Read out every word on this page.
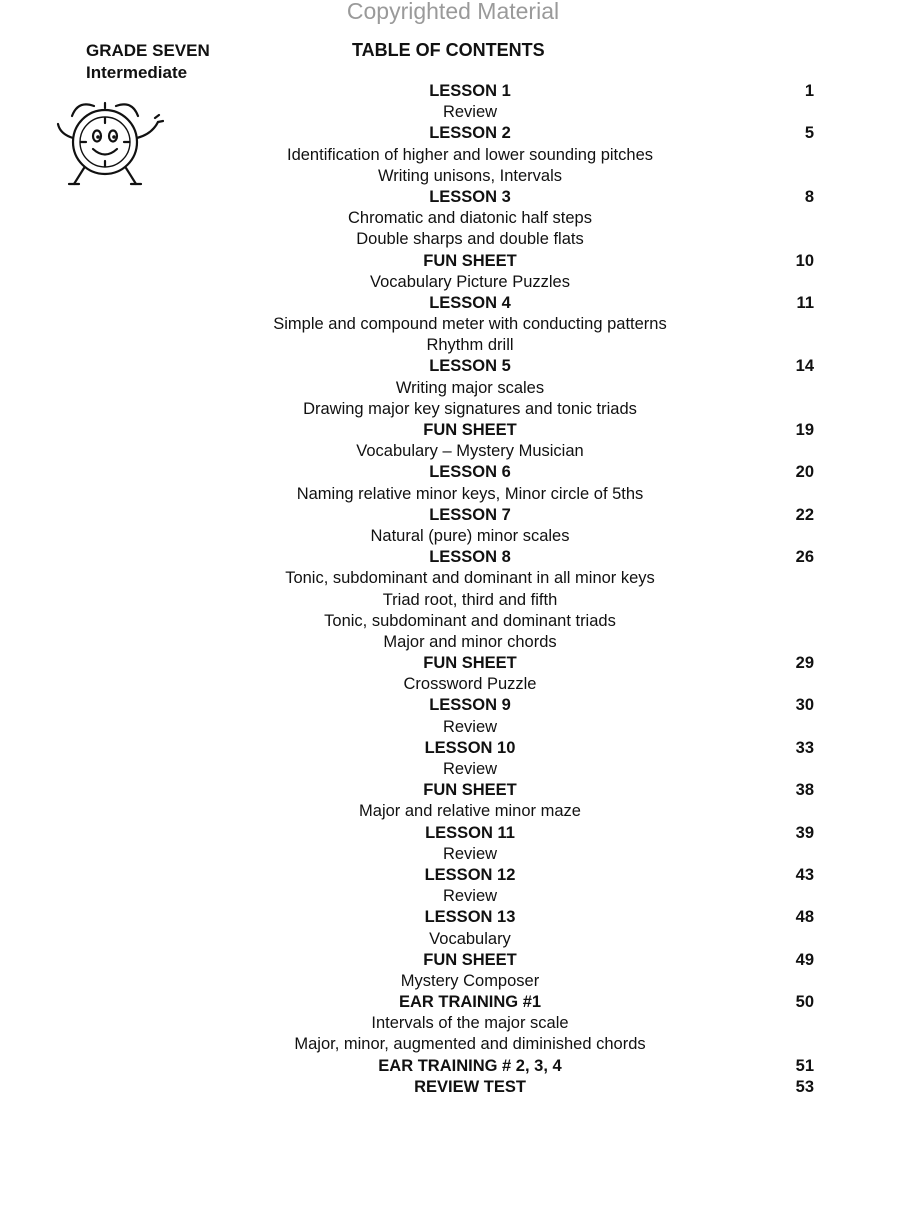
Copyrighted Material
GRADE SEVEN
Intermediate
TABLE OF CONTENTS
LESSON 1	1
Review
LESSON 2	5
Identification of higher and lower sounding pitches
Writing unisons, Intervals
LESSON 3	8
Chromatic and diatonic half steps
Double sharps and double flats
FUN SHEET	10
Vocabulary Picture Puzzles
LESSON 4	11
Simple and compound meter with conducting patterns
Rhythm drill
LESSON 5	14
Writing major scales
Drawing major key signatures and tonic triads
FUN SHEET	19
Vocabulary – Mystery Musician
LESSON 6	20
Naming relative minor keys, Minor circle of 5ths
LESSON 7	22
Natural (pure) minor scales
LESSON 8	26
Tonic, subdominant and dominant in all minor keys
Triad root, third and fifth
Tonic, subdominant and dominant triads
Major and minor chords
FUN SHEET	29
Crossword Puzzle
LESSON 9	30
Review
LESSON 10	33
Review
FUN SHEET	38
Major and relative minor maze
LESSON 11	39
Review
LESSON 12	43
Review
LESSON 13	48
Vocabulary
FUN SHEET	49
Mystery Composer
EAR TRAINING #1	50
Intervals of the major scale
Major, minor, augmented and diminished chords
EAR TRAINING # 2, 3, 4	51
REVIEW TEST	53
